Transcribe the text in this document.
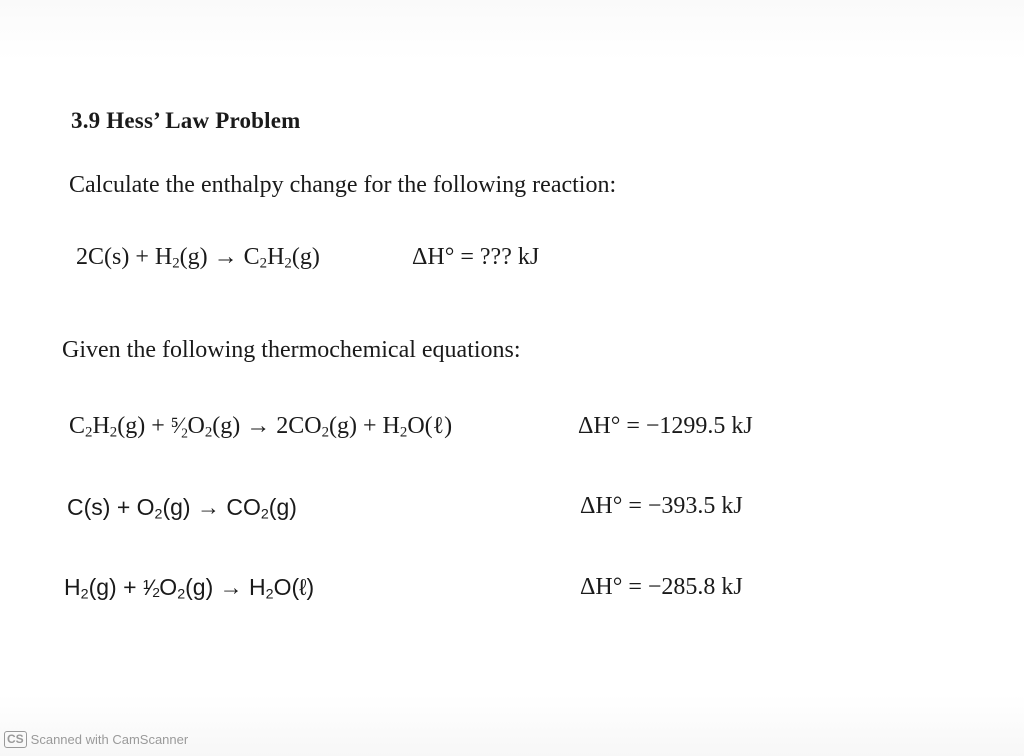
3.9 Hess’ Law Problem
Calculate the enthalpy change for the following reaction:
$2C(s) + H_2(g) \to C_2H_2(g)$	ΔH° = ??? kJ
Given the following thermochemical equations:
$C_2H_2(g)$ + $^5⁄_2O_2(g) \to 2CO_2(g)$ + $H_2O(\ell)$	ΔH° = −1299.5 kJ
$C(s) + O_2(g) \to CO_2(g)$	ΔH° = −393.5 kJ
$H_2(g)$ + $^1⁄_2O_2(g)$ → $H_2O(\ell)$	ΔH° = −285.8 kJ
CS Scanned with CamScanner
